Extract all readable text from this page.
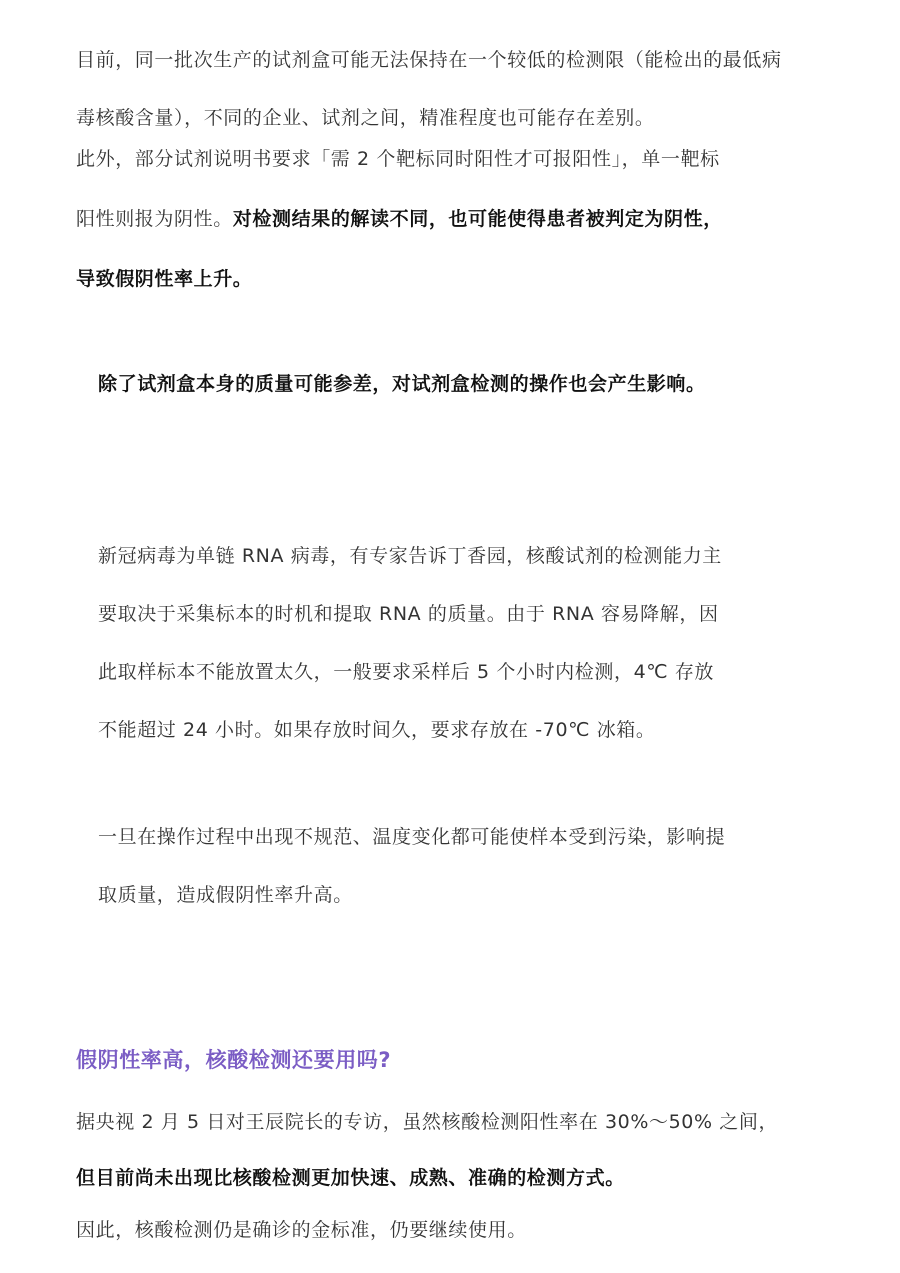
目前，同一批次生产的试剂盒可能无法保持在一个较低的检测限（能检出的最低病
毒核酸含量），不同的企业、试剂之间，精准程度也可能存在差别。

此外，部分试剂说明书要求「需 2 个靶标同时阳性才可报阳性」，单一靶标
阳性则报为阴性。对检测结果的解读不同，也可能使得患者被判定为阴性，
导致假阴性率上升。

除了试剂盒本身的质量可能参差，对试剂盒检测的操作也会产生影响。

新冠病毒为单链 RNA 病毒，有专家告诉丁香园，核酸试剂的检测能力主
要取决于采集标本的时机和提取 RNA 的质量。由于 RNA 容易降解，因
此取样标本不能放置太久，一般要求采样后 5 个小时内检测，4℃ 存放
不能超过 24 小时。如果存放时间久，要求存放在 -70℃ 冰箱。

一旦在操作过程中出现不规范、温度变化都可能使样本受到污染，影响提
取质量，造成假阴性率升高。

假阴性率高，核酸检测还要用吗?

据央视 2 月 5 日对王辰院长的专访，虽然核酸检测阳性率在 30%～50% 之间，
但目前尚未出现比核酸检测更加快速、成熟、准确的检测方式。

因此，核酸检测仍是确诊的金标准，仍要继续使用。
